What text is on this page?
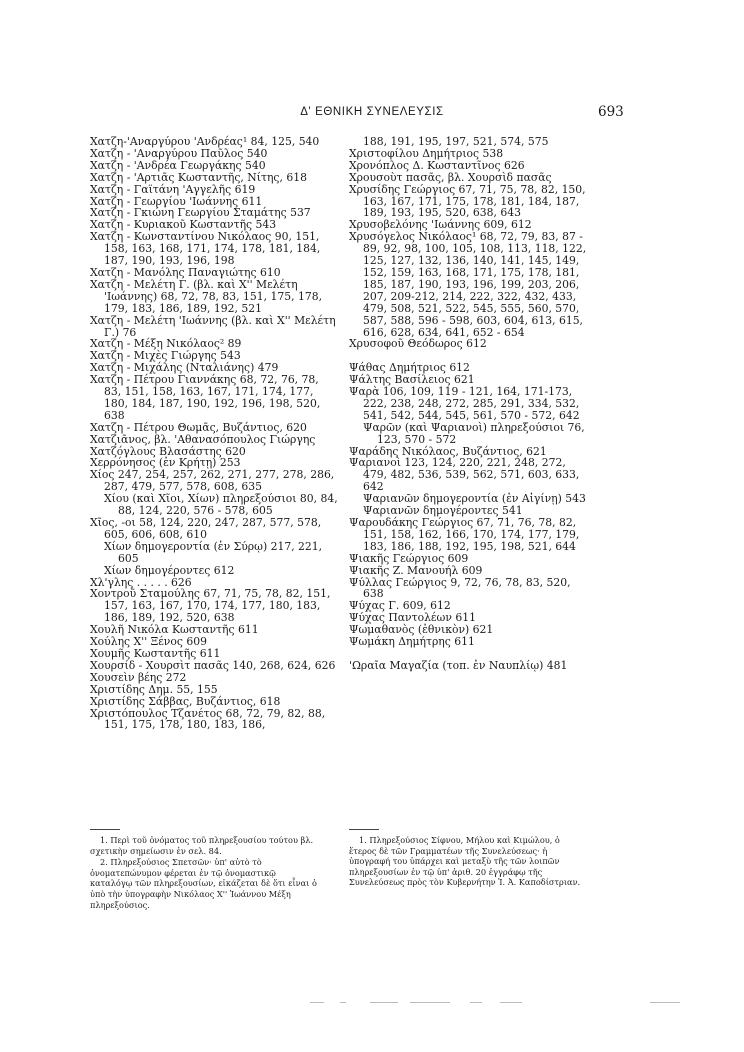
Δ' ΕΘΝΙΚΗ ΣΥΝΕΛΕΥΣΙΣ	693
Χατζη-'Αναργύρου 'Ανδρέας¹ 84, 125, 540
Χατζη - 'Αναργύρου Παῦλος 540
Χατζη - 'Ανδρέα Γεωργάκης 540
Χατζη - 'Αρτιᾶς Κωσταντῆς, Νίτης, 618
Χατζη - Γαϊτάνη 'Αγγελῆς 619
Χατζη - Γεωργίου 'Ιωάννης 611
Χατζη - Γκιώνη Γεωργίου Σταμάτης 537
Χατζη - Κυριακοῦ Κωσταντῆς 543
Χατζη - Κωνσταντίνου Νικόλαος 90, 151, 158, 163, 168, 171, 174, 178, 181, 184, 187, 190, 193, 196, 198
Χατζη - Μανόλης Παναγιώτης 610
Χατζη - Μελέτη Γ. (βλ. καὶ Χ'' Μελέτη 'Ιωάννης) 68, 72, 78, 83, 151, 175, 178, 179, 183, 186, 189, 192, 521
Χατζη - Μελέτη 'Ιωάννης (βλ. καὶ Χ'' Μελέτη Γ.) 76
Χατζη - Μέξη Νικόλαος² 89
Χατζη - Μιχὲς Γιώργης 543
Χατζη - Μιχάλης (Νταλιάνης) 479
Χατζη - Πέτρου Γιαννάκης 68, 72, 76, 78, 83, 151, 158, 163, 167, 171, 174, 177, 180, 184, 187, 190, 192, 196, 198, 520, 638
Χατζη - Πέτρου Θωμᾶς, Βυζάντιος, 620
Χατζιᾶνος, βλ. 'Αθανασόπουλος Γιώργης
Χατζόγλους Βλασάστης 620
Χερρόνησος (ἐν Κρήτῃ) 253
Χίος 247, 254, 257, 262, 271, 277, 278, 286, 287, 479, 577, 578, 608, 635
Χίου (καὶ Χῖοι, Χίων) πληρεξούσιοι 80, 84, 88, 124, 220, 576 - 578, 605
Χῖος, -οι 58, 124, 220, 247, 287, 577, 578, 605, 606, 608, 610
Χίων δημογεροντία (ἐν Σύρῳ) 217, 221, 605
Χίων δημογέροντες 612
Χλ'γλης . . . . . 626
Χοντρoῦ Σταμούλης 67, 71, 75, 78, 82, 151, 157, 163, 167, 170, 174, 177, 180, 183, 186, 189, 192, 520, 638
Χουλῆ Νικόλα Κωσταντῆς 611
Χούλης Χ'' Ξένος 609
Χουμῆς Κωσταντῆς 611
Χουρσίδ - Χουρσὶτ πασᾶς 140, 268, 624, 626
Χουσεὶν βέης 272
Χριστίδης Δημ. 55, 155
Χριστίδης Σάββας, Βυζάντιος, 618
Χριστόπουλος Τζανέτος 68, 72, 79, 82, 88, 151, 175, 178, 180, 183, 186,
188, 191, 195, 197, 521, 574, 575
Χριστοφίλου Δημήτριος 538
Χρονόπλος Δ. Κωσταντῖνος 626
Χρουσοὺτ πασᾶς, βλ. Χουρσὶδ πασᾶς
Χρυσίδης Γεώργιος 67, 71, 75, 78, 82, 150, 163, 167, 171, 175, 178, 181, 184, 187, 189, 193, 195, 520, 638, 643
Χρυσοβελόνης 'Ιωάννης 609, 612
Χρυσόγελος Νικόλαος¹ 68, 72, 79, 83, 87 - 89, 92, 98, 100, 105, 108, 113, 118, 122, 125, 127, 132, 136, 140, 141, 145, 149, 152, 159, 163, 168, 171, 175, 178, 181, 185, 187, 190, 193, 196, 199, 203, 206, 207, 209-212, 214, 222, 322, 432, 433, 479, 508, 521, 522, 545, 555, 560, 570, 587, 588, 596 - 598, 603, 604, 613, 615, 616, 628, 634, 641, 652 - 654
Χρυσοφοῦ Θεόδωρος 612
Ψάθας Δημήτριος 612
Ψάλτης Βασίλειος 621
Ψαρὰ 106, 109, 119 - 121, 164, 171-173, 222, 238, 248, 272, 285, 291, 334, 532, 541, 542, 544, 545, 561, 570 - 572, 642
Ψαρῶν (καὶ Ψαριανοὶ) πληρεξούσιοι 76, 123, 570 - 572
Ψαράδης Νικόλαος, Βυζάντιος, 621
Ψαριανοὶ 123, 124, 220, 221, 248, 272, 479, 482, 536, 539, 562, 571, 603, 633, 642
Ψαριανῶν δημογεροντία (ἐν Αἰγίνῃ) 543
Ψαριανῶν δημογέροντες 541
Ψαρουδάκης Γεώργιος 67, 71, 76, 78, 82, 151, 158, 162, 166, 170, 174, 177, 179, 183, 186, 188, 192, 195, 198, 521, 644
Ψιακῆς Γεώργιος 609
Ψιακῆς Ζ. Μανουήλ 609
Ψύλλας Γεώργιος 9, 72, 76, 78, 83, 520, 638
Ψύχας Γ. 609, 612
Ψύχας Παντολέων 611
Ψωμαθανὸς (ἐθνικὸν) 621
Ψωμάκη Δημήτρης 611
'Ωραῖα Μαγαζία (τοπ. ἐν Ναυπλίῳ) 481

1. Περὶ τοῦ ὀνόματος τοῦ πληρεξουσίου τούτου βλ. σχετικὴν σημείωσιν ἐν σελ. 84.

2. Πληρεξούσιος Σπετσῶν· ὑπ' αὐτὸ τὸ ὀνοματεπώνυμον φέρεται ἐν τῷ ὀνομαστικῷ καταλόγῳ τῶν πληρεξουσίων, εἰκάζεται δὲ ὅτι εἶναι ὁ ὑπὸ τὴν ὑπογραφὴν Νικόλαος Χ'' Ἰωάννου Μέξη πληρεξούσιος.

1. Πληρεξούσιος Σίφνου, Μήλου καὶ Κιμώλου, ὁ ἕτερος δὲ τῶν Γραμματέων τῆς Συνελεύσεως· ἡ ὑπογραφή του ὑπάρχει καὶ μεταξὺ τῆς τῶν λοιπῶν πληρεξουσίων ἐν τῷ ὑπ' ἀριθ. 20 ἐγγράφῳ τῆς Συνελεύσεως πρὸς τὸν Κυβερνήτην Ἰ. Ἀ. Καποδίστριαν.
